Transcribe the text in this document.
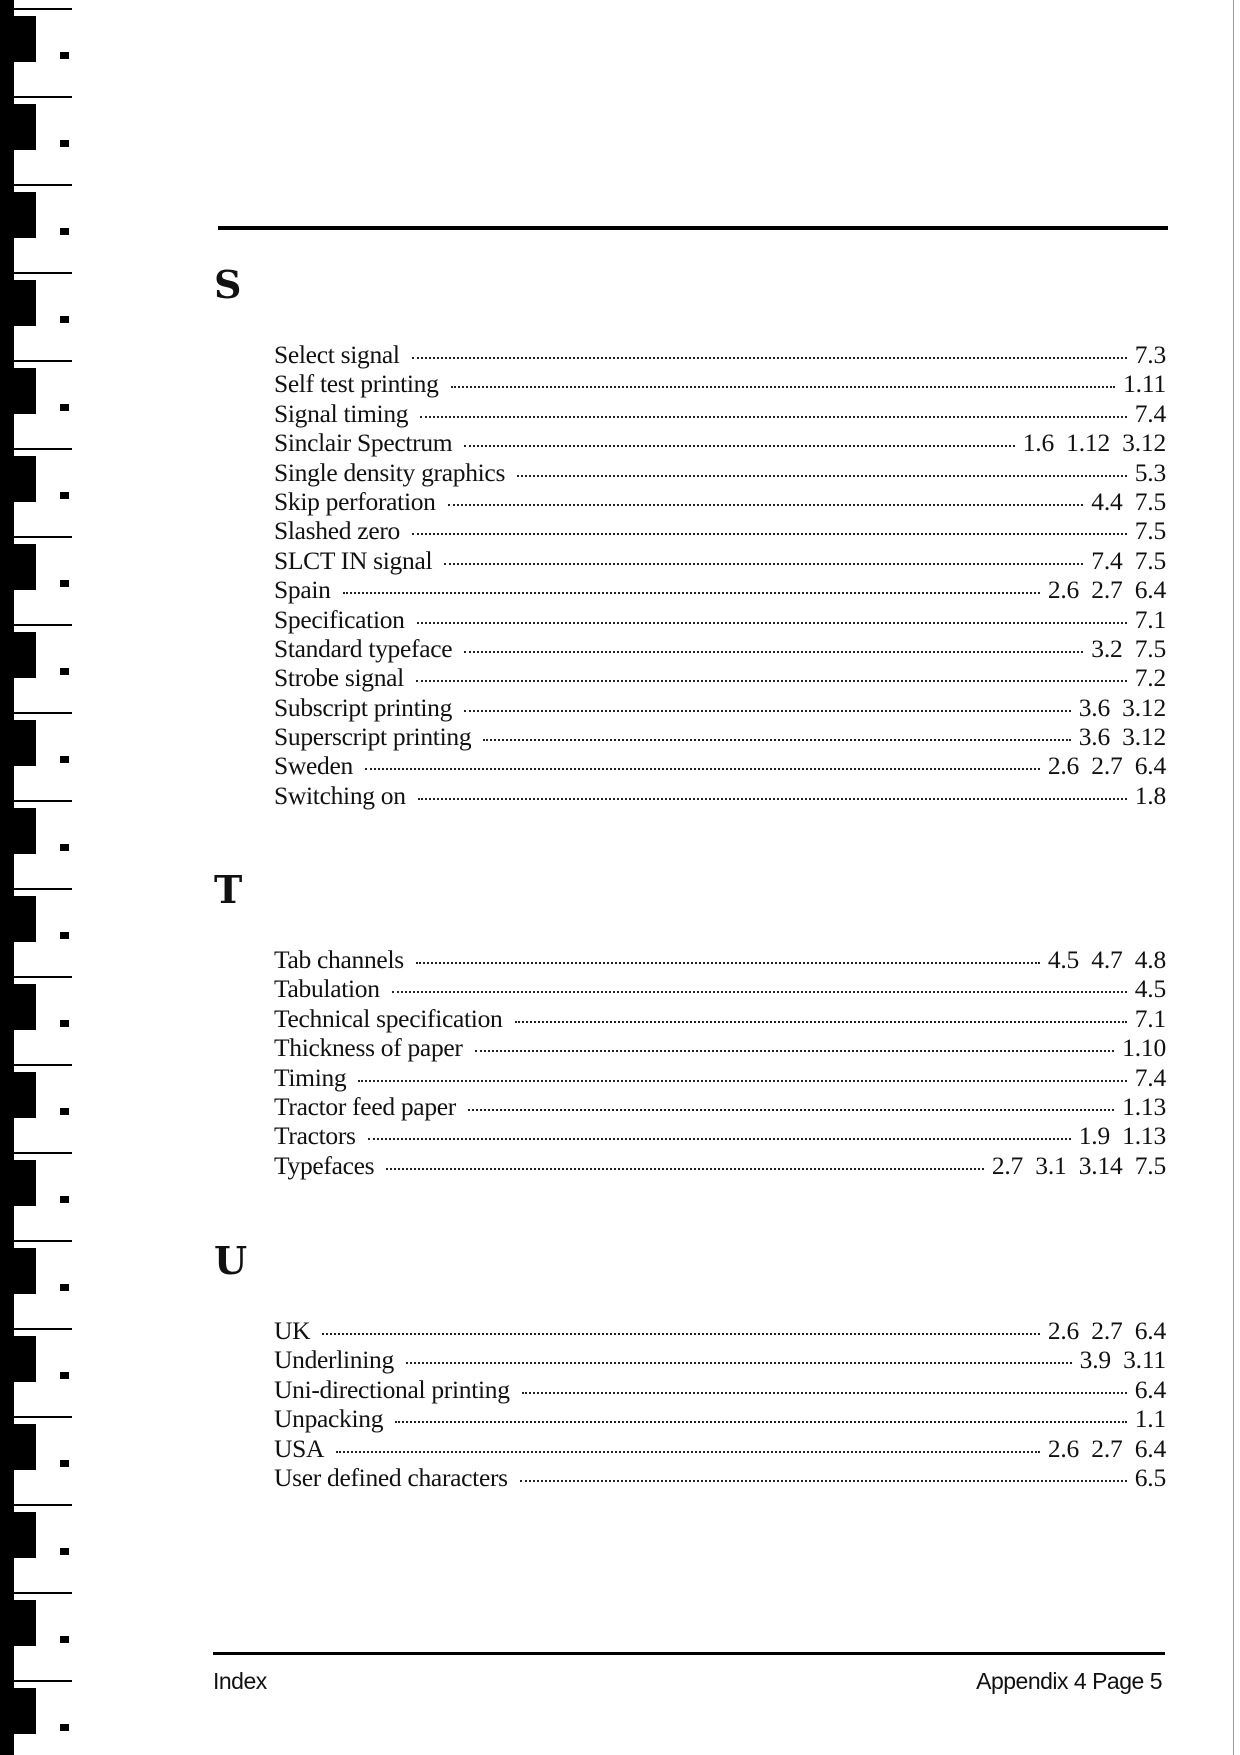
S
Select signal	7.3
Self test printing	1.11
Signal timing	7.4
Sinclair Spectrum	1.6 1.12 3.12
Single density graphics	5.3
Skip perforation	4.4 7.5
Slashed zero	7.5
SLCT IN signal	7.4 7.5
Spain	2.6 2.7 6.4
Specification	7.1
Standard typeface	3.2 7.5
Strobe signal	7.2
Subscript printing	3.6 3.12
Superscript printing	3.6 3.12
Sweden	2.6 2.7 6.4
Switching on	1.8
T
Tab channels	4.5 4.7 4.8
Tabulation	4.5
Technical specification	7.1
Thickness of paper	1.10
Timing	7.4
Tractor feed paper	1.13
Tractors	1.9 1.13
Typefaces	2.7 3.1 3.14 7.5
U
UK	2.6 2.7 6.4
Underlining	3.9 3.11
Uni-directional printing	6.4
Unpacking	1.1
USA	2.6 2.7 6.4
User defined characters	6.5
Index	Appendix 4 Page 5
